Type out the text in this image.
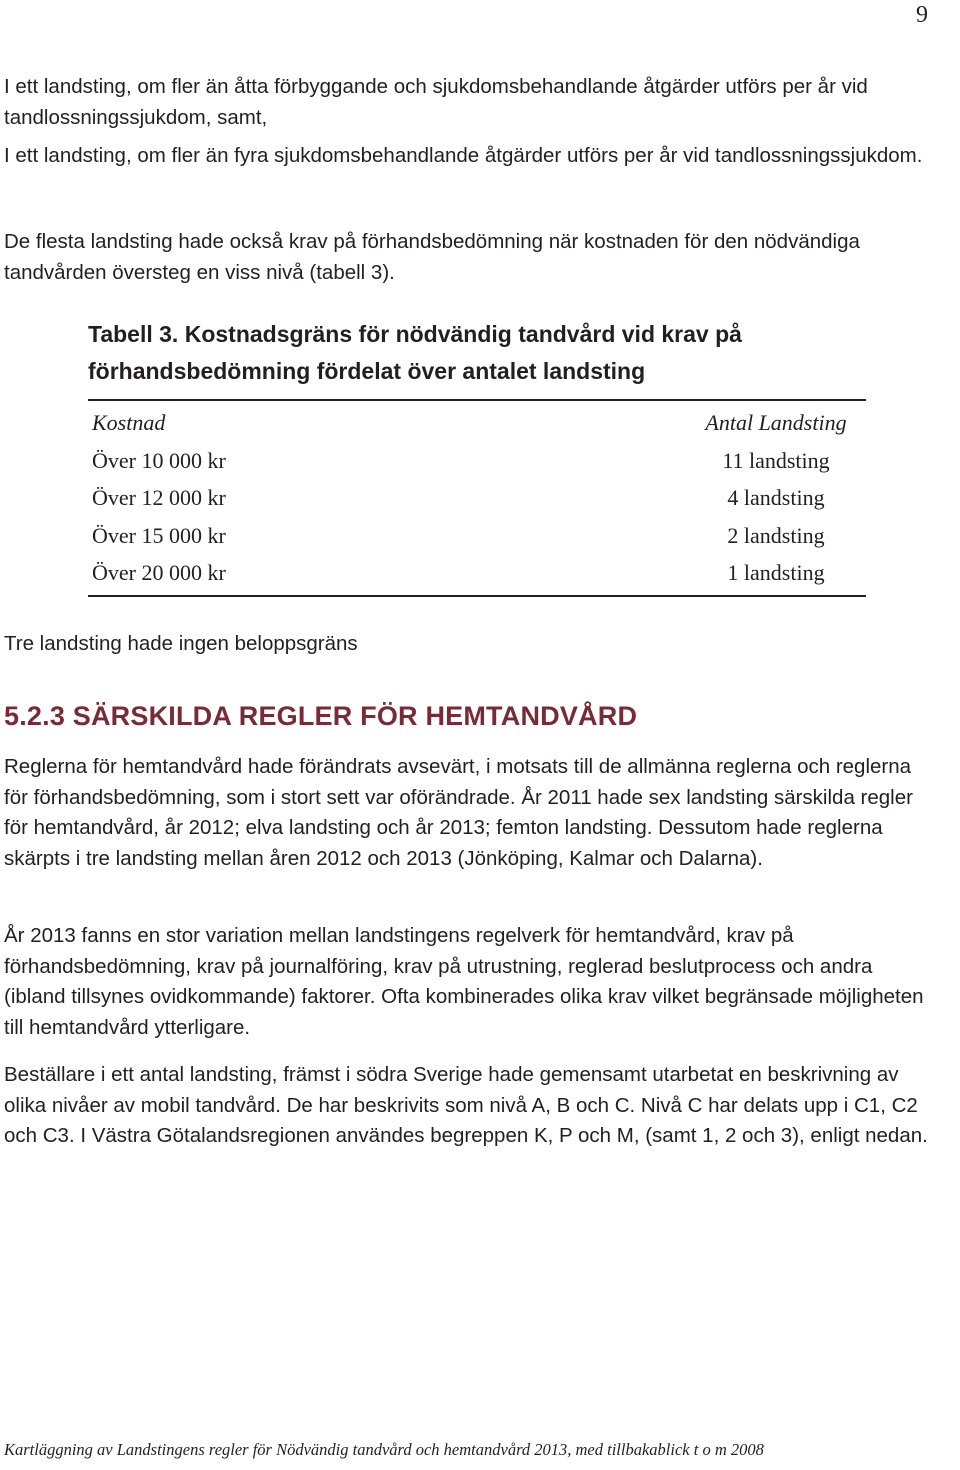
9

I ett landsting, om fler än åtta förbyggande och sjukdomsbehandlande åtgärder utförs per år vid tandlossningssjukdom, samt,

I ett landsting, om fler än fyra sjukdomsbehandlande åtgärder utförs per år vid tandlossningssjukdom.

De flesta landsting hade också krav på förhandsbedömning när kostnaden för den nödvändiga tandvården översteg en viss nivå (tabell 3).

Tabell 3. Kostnadsgräns för nödvändig tandvård vid krav på förhandsbedömning fördelat över antalet landsting

Kostnad	Antal Landsting
Över 10 000 kr	11 landsting
Över 12 000 kr	4 landsting
Över 15 000 kr	2 landsting
Över 20 000 kr	1 landsting

Tre landsting hade ingen beloppsgräns

5.2.3 SÄRSKILDA REGLER FÖR HEMTANDVÅRD

Reglerna för hemtandvård hade förändrats avsevärt, i motsats till de allmänna reglerna och reglerna för förhandsbedömning, som i stort sett var oförändrade. År 2011 hade sex landsting särskilda regler för hemtandvård, år 2012; elva landsting och år 2013; femton landsting. Dessutom hade reglerna skärpts i tre landsting mellan åren 2012 och 2013 (Jönköping, Kalmar och Dalarna).

År 2013 fanns en stor variation mellan landstingens regelverk för hemtandvård, krav på förhandsbedömning, krav på journalföring, krav på utrustning, reglerad beslutprocess och andra (ibland tillsynes ovidkommande) faktorer. Ofta kombinerades olika krav vilket begränsade möjligheten till hemtandvård ytterligare.

Beställare i ett antal landsting, främst i södra Sverige hade gemensamt utarbetat en beskrivning av olika nivåer av mobil tandvård. De har beskrivits som nivå A, B och C. Nivå C har delats upp i C1, C2 och C3. I Västra Götalandsregionen användes begreppen K, P och M, (samt 1, 2 och 3), enligt nedan.

Kartläggning av Landstingens regler för Nödvändig tandvård och hemtandvård 2013, med tillbakablick t o m 2008
